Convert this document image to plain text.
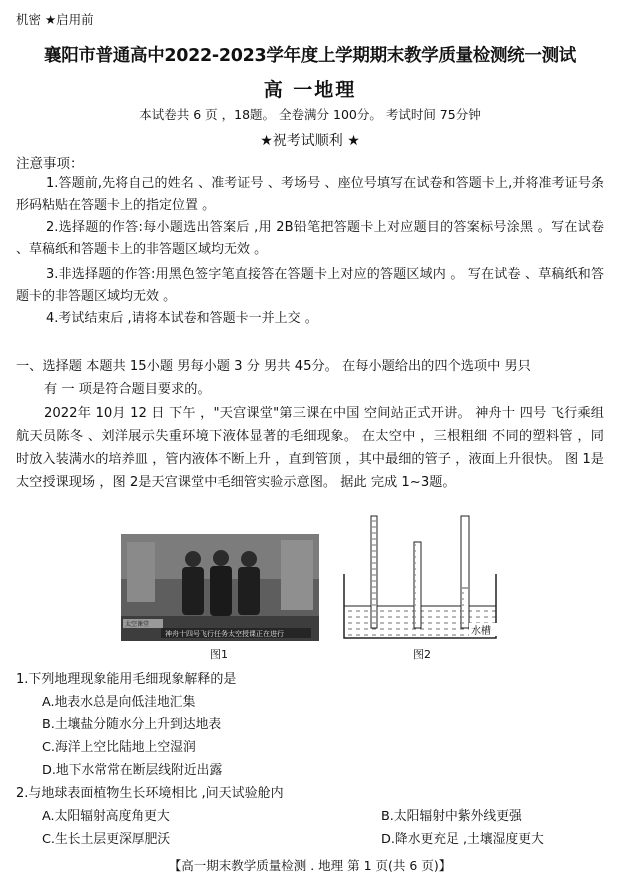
机密 ★启用前
襄阳市普通高中2022-2023学年度上学期期末教学质量检测统一测试
高 一地理
本试卷共 6 页 ，18题。 全卷满分 100分。 考试时间 75分钟
★祝考试顺利 ★
注意事项：
1.答题前,先将自己的姓名 、准考证号 、考场号 、座位号填写在试卷和答题卡上,并将准考证号条形码粘贴在答题卡上的指定位置 。
2.选择题的作答:每小题选出答案后 ,用 2B铅笔把答题卡上对应题目的答案标号涂黑 。写在试卷 、草稿纸和答题卡上的非答题区域均无效 。
3.非选择题的作答:用黑色签字笔直接答在答题卡上对应的答题区域内 。 写在试卷 、草稿纸和答题卡的非答题区域均无效 。
4.考试结束后 ,请将本试卷和答题卡一并上交 。
一、选择题 本题共 15小题 男每小题 3 分 男共 45分。 在每小题给出的四个选项中 男只
有 一 项是符合题目要求的。
2022年 10月 12 日 下午 ，"天宫课堂"第三课在中国 空间站正式开讲。 神舟十 四号 飞行乘组航天员陈冬 、刘洋展示失重环境下液体显著的毛细现象。 在太空中 ，三根粗细 不同的塑料管 ，同时放入装满水的培养皿 ，管内液体不断上升 ，直到管顶 ，其中最细的管子 ，液面上升很快。 图 1是太空授课现场 ，图 2是天宫课堂中毛细管实验示意图。 据此 完成 1~3题。
太空课堂
神舟十四号飞行任务太空授课正在进行
图1
水槽
图2
1.下列地理现象能用毛细现象解释的是
A.地表水总是向低洼地汇集
B.土壤盐分随水分上升到达地表
C.海洋上空比陆地上空湿润
D.地下水常常在断层线附近出露
2.与地球表面植物生长环境相比 ,问天试验舱内
A.太阳辐射高度角更大	B.太阳辐射中紫外线更强
C.生长土层更深厚肥沃	D.降水更充足 ,土壤湿度更大
【高一期末教学质量检测 . 地理 第 1 页(共 6 页)】
